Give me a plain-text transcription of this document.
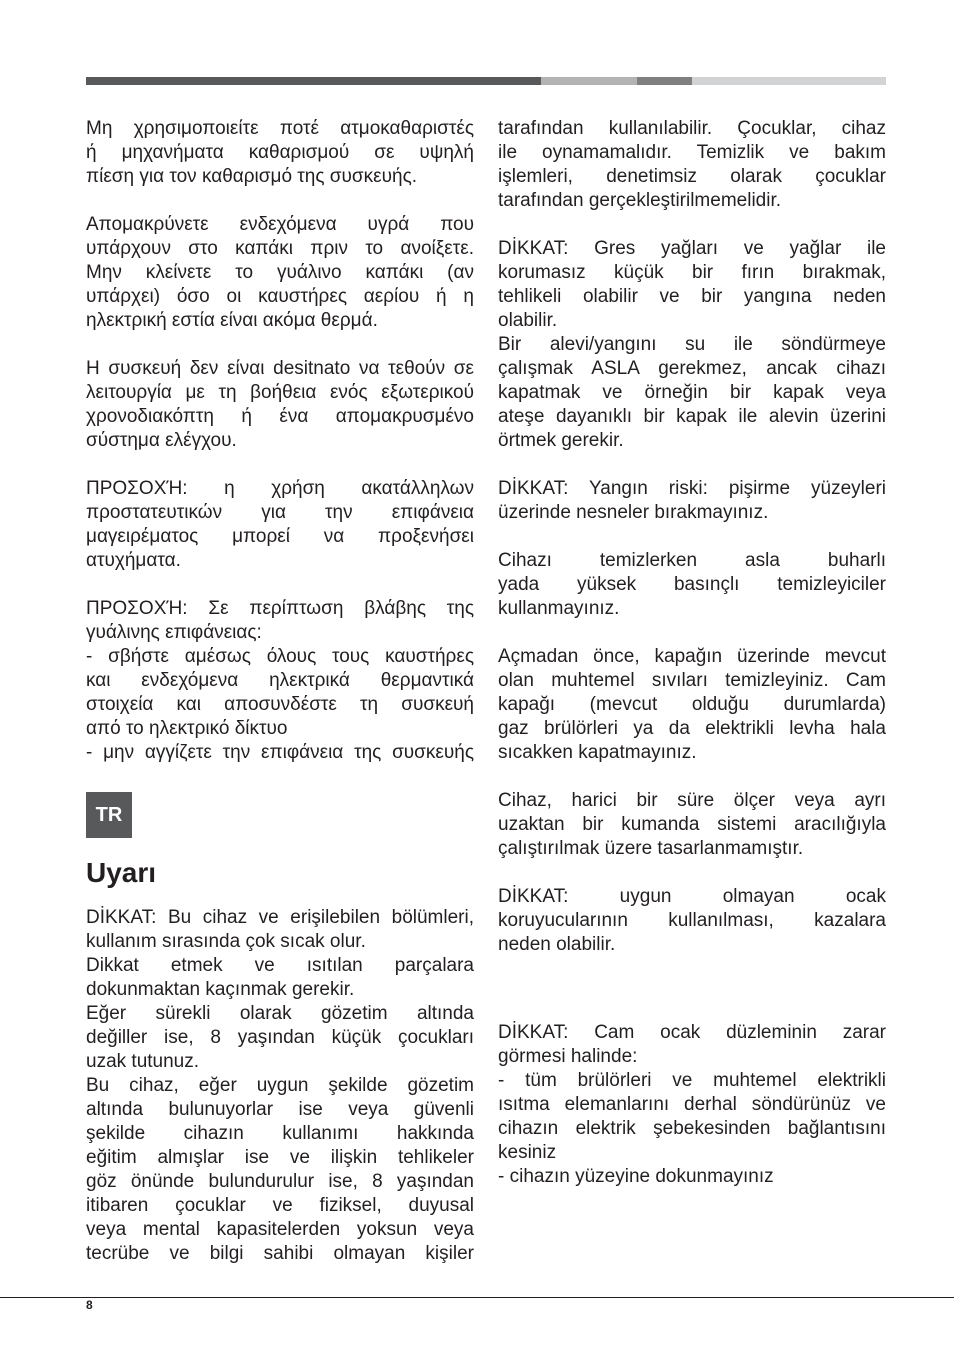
Μη χρησιμοποιείτε ποτέ ατμοκαθαριστές
ή μηχανήματα καθαρισμού σε υψηλή
πίεση για τον καθαρισμό της συσκευής.

Απομακρύνετε ενδεχόμενα υγρά που
υπάρχουν στο καπάκι πριν το ανοίξετε.
Μην κλείνετε το γυάλινο καπάκι (αν
υπάρχει) όσο οι καυστήρες αερίου ή η
ηλεκτρική εστία είναι ακόμα θερμά.

Η συσκευή δεν είναι desitnato να τεθούν σε
λειτουργία με τη βοήθεια ενός εξωτερικού
χρονοδιακόπτη ή ένα απομακρυσμένο
σύστημα ελέγχου.

ΠΡΟΣΟΧΉ: η χρήση ακατάλληλων
προστατευτικών για την επιφάνεια
μαγειρέματος μπορεί να προξενήσει
ατυχήματα.

ΠΡΟΣΟΧΉ: Σε περίπτωση βλάβης της
γυάλινης επιφάνειας:
- σβήστε αμέσως όλους τους καυστήρες
και ενδεχόμενα ηλεκτρικά θερμαντικά
στοιχεία και αποσυνδέστε τη συσκευή
από το ηλεκτρικό δίκτυο
- μην αγγίζετε την επιφάνεια της συσκευής

TR
Uyarı

DİKKAT: Bu cihaz ve erişilebilen bölümleri,
kullanım sırasında çok sıcak olur.
Dikkat etmek ve ısıtılan parçalara
dokunmaktan kaçınmak gerekir.
Eğer sürekli olarak gözetim altında
değiller ise, 8 yaşından küçük çocukları
uzak tutunuz.
Bu cihaz, eğer uygun şekilde gözetim
altında bulunuyorlar ise veya güvenli
şekilde cihazın kullanımı hakkında
eğitim almışlar ise ve ilişkin tehlikeler
göz önünde bulundurulur ise, 8 yaşından
itibaren çocuklar ve fiziksel, duyusal
veya mental kapasitelerden yoksun veya
tecrübe ve bilgi sahibi olmayan kişiler

tarafından kullanılabilir. Çocuklar, cihaz
ile oynamamalıdır. Temizlik ve bakım
işlemleri, denetimsiz olarak çocuklar
tarafından gerçekleştirilmemelidir.

DİKKAT: Gres yağları ve yağlar ile
korumasız küçük bir fırın bırakmak,
tehlikeli olabilir ve bir yangına neden
olabilir.

Bir alevi/yangını su ile söndürmeye
çalışmak ASLA gerekmez, ancak cihazı
kapatmak ve örneğin bir kapak veya
ateşe dayanıklı bir kapak ile alevin üzerini
örtmek gerekir.

DİKKAT: Yangın riski: pişirme yüzeyleri
üzerinde nesneler bırakmayınız.

Cihazı temizlerken asla buharlı
yada yüksek basınçlı temizleyiciler
kullanmayınız.

Açmadan önce, kapağın üzerinde mevcut
olan muhtemel sıvıları temizleyiniz. Cam
kapağı (mevcut olduğu durumlarda)
gaz brülörleri ya da elektrikli levha hala
sıcakken kapatmayınız.

Cihaz, harici bir süre ölçer veya ayrı
uzaktan bir kumanda sistemi aracılığıyla
çalıştırılmak üzere tasarlanmamıştır.

DİKKAT: uygun olmayan ocak
koruyucularının kullanılması, kazalara
neden olabilir.

DİKKAT: Cam ocak düzleminin zarar
görmesi halinde:
- tüm brülörleri ve muhtemel elektrikli
ısıtma elemanlarını derhal söndürünüz ve
cihazın elektrik şebekesinden bağlantısını
kesiniz
- cihazın yüzeyine dokunmayınız

8
